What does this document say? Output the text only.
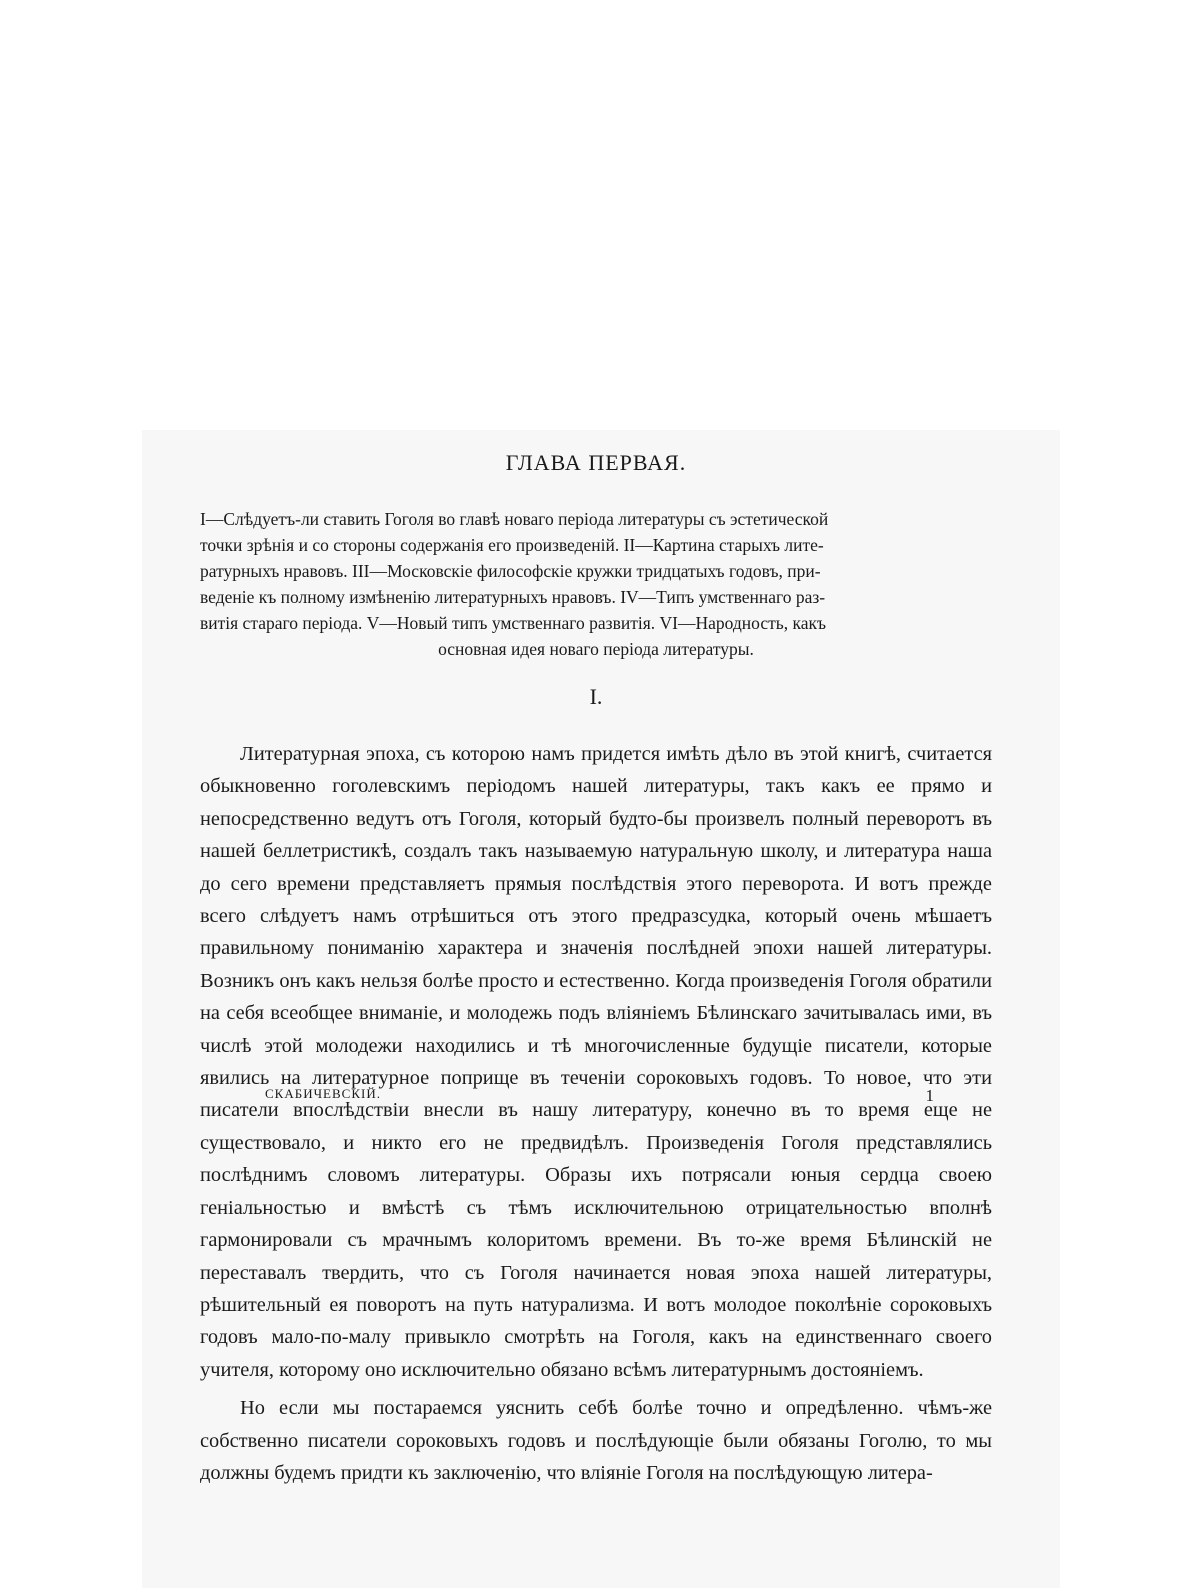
ГЛАВА ПЕРВАЯ.

I—Слѣдуетъ-ли ставить Гоголя во главѣ новаго періода литературы съ эстетической

точки зрѣнія и со стороны содержанія его произведеній. II—Картина старыхъ лите-

ратурныхъ нравовъ. III—Московскіе философскіе кружки тридцатыхъ годовъ, при-

веденіе къ полному измѣненію литературныхъ нравовъ. IV—Типъ умственнаго раз-

витія стараго періода. V—Новый типъ умственнаго развитія. VI—Народность, какъ

основная идея новаго періода литературы.

I.

Литературная эпоха, съ которою намъ придется имѣть дѣло въ этой книгѣ, считается обыкновенно гоголевскимъ періодомъ нашей литературы, такъ какъ ее прямо и непосредственно ведутъ отъ Гоголя, который будто-бы произвелъ полный переворотъ въ нашей беллетристикѣ, создалъ такъ называемую натуральную школу, и литература наша до сего времени представляетъ прямыя послѣдствія этого переворота. И вотъ прежде всего слѣдуетъ намъ отрѣшиться отъ этого предразсудка, который очень мѣшаетъ правильному пониманію характера и значенія послѣдней эпохи нашей литературы. Возникъ онъ какъ нельзя болѣе просто и естественно. Когда произведенія Гоголя обратили на себя всеобщее вниманіе, и молодежь подъ вліяніемъ Бѣлинскаго зачитывалась ими, въ числѣ этой молодежи находились и тѣ многочисленные будущіе писатели, которые явились на литературное поприще въ теченіи сороковыхъ годовъ. То новое, что эти писатели впослѣдствіи внесли въ нашу литературу, конечно въ то время еще не существовало, и никто его не предвидѣлъ. Произведенія Гоголя представлялись послѣднимъ словомъ литературы. Образы ихъ потрясали юныя сердца своею геніальностью и вмѣстѣ съ тѣмъ исключительною отрицательностью вполнѣ гармонировали съ мрачнымъ колоритомъ времени. Въ то-же время Бѣлинскій не переставалъ твердить, что съ Гоголя начинается новая эпоха нашей литературы, рѣшительный ея поворотъ на путь натурализма. И вотъ молодое поколѣніе сороковыхъ годовъ мало-по-малу привыкло смотрѣть на Гоголя, какъ на единственнаго своего учителя, которому оно исключительно обязано всѣмъ литературнымъ достояніемъ.

Но если мы постараемся уяснить себѣ болѣе точно и опредѣленно. чѣмъ-же собственно писатели сороковыхъ годовъ и послѣдующіе были обязаны Гоголю, то мы должны будемъ придти къ заключенію, что вліяніе Гоголя на послѣдующую литера-

СКАБИЧЕВСКІЙ.	1
